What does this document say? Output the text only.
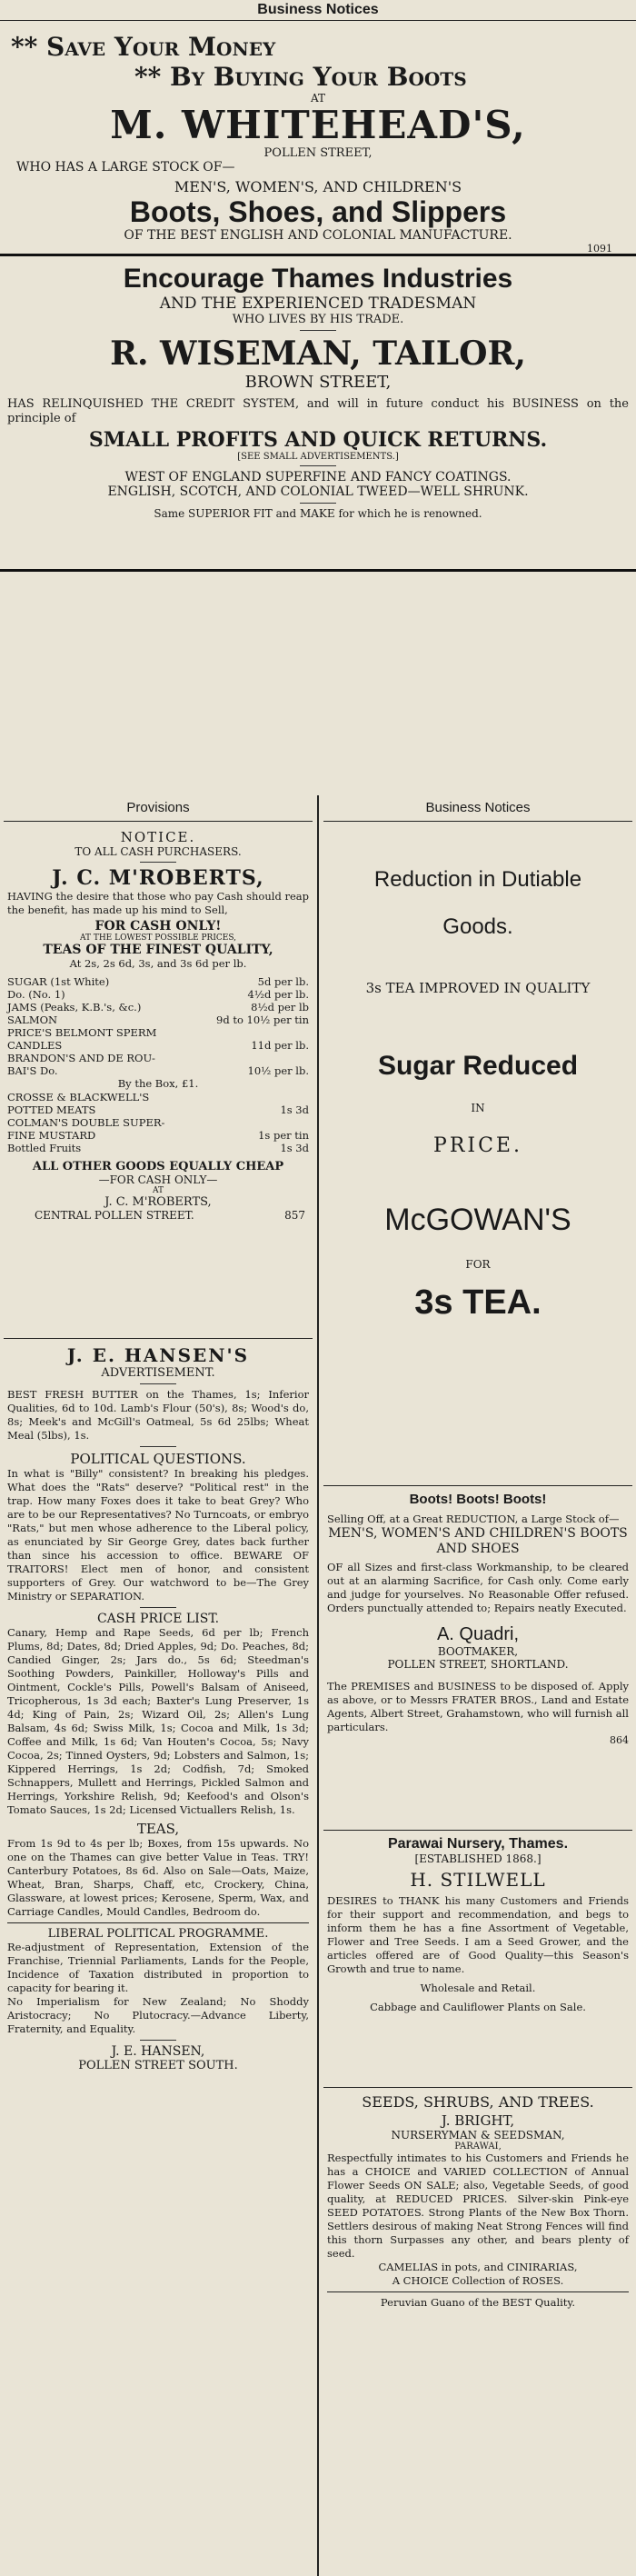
Business Notices
** Save Your Money
** By Buying Your Boots
AT
M. WHITEHEAD'S,
POLLEN STREET,
WHO HAS A LARGE STOCK OF—
MEN'S, WOMEN'S, AND CHILDREN'S
Boots, Shoes, and Slippers
OF THE BEST ENGLISH AND COLONIAL MANUFACTURE.
1091
Encourage Thames Industries
AND THE EXPERIENCED TRADESMAN
WHO LIVES BY HIS TRADE.
R. WISEMAN, TAILOR,
BROWN STREET,
HAS RELINQUISHED THE CREDIT SYSTEM, and will in future conduct his BUSINESS on the principle of
SMALL PROFITS AND QUICK RETURNS.
[SEE SMALL ADVERTISEMENTS.]
WEST OF ENGLAND SUPERFINE AND FANCY COATINGS.
ENGLISH, SCOTCH, AND COLONIAL TWEED—WELL SHRUNK.
Same SUPERIOR FIT and MAKE for which he is renowned.
Provisions
NOTICE.
TO ALL CASH PURCHASERS.
J. C. M'ROBERTS,
HAVING the desire that those who pay Cash should reap the benefit, has made up his mind to Sell,
FOR CASH ONLY!
AT THE LOWEST POSSIBLE PRICES,
TEAS OF THE FINEST QUALITY,
At 2s, 2s 6d, 3s, and 3s 6d per lb.
SUGAR (1st White)	5d per lb.
Do. (No. 1)	4½d per lb.
JAMS (Peaks, K.B.'s, &c.)	8½d per lb
SALMON	9d to 10½ per tin
PRICE'S BELMONT SPERM
CANDLES	11d per lb.
BRANDON'S AND DE ROU-
BAI'S Do.	10½ per lb.
By the Box, £1.
CROSSE & BLACKWELL'S
POTTED MEATS	1s 3d
COLMAN'S DOUBLE SUPER-
FINE MUSTARD	1s per tin
Bottled Fruits	1s 3d
ALL OTHER GOODS EQUALLY CHEAP
—FOR CASH ONLY—
AT
J. C. M'ROBERTS,
CENTRAL POLLEN STREET.	857
J. E. HANSEN'S
ADVERTISEMENT.
BEST FRESH BUTTER on the Thames, 1s; Inferior Qualities, 6d to 10d. Lamb's Flour (50's), 8s; Wood's do, 8s; Meek's and McGill's Oatmeal, 5s 6d 25lbs; Wheat Meal (5lbs), 1s.
POLITICAL QUESTIONS.
In what is "Billy" consistent? In breaking his pledges. What does the "Rats" deserve? "Political rest" in the trap. How many Foxes does it take to beat Grey? Who are to be our Representatives? No Turncoats, or embryo "Rats," but men whose adherence to the Liberal policy, as enunciated by Sir George Grey, dates back further than since his accession to office. BEWARE OF TRAITORS! Elect men of honor, and consistent supporters of Grey. Our watchword to be—The Grey Ministry or SEPARATION.
CASH PRICE LIST.
Canary, Hemp and Rape Seeds, 6d per lb; French Plums, 8d; Dates, 8d; Dried Apples, 9d; Do. Peaches, 8d; Candied Ginger, 2s; Jars do., 5s 6d; Steedman's Soothing Powders, Painkiller, Holloway's Pills and Ointment, Cockle's Pills, Powell's Balsam of Aniseed, Tricopherous, 1s 3d each; Baxter's Lung Preserver, 1s 4d; King of Pain, 2s; Wizard Oil, 2s; Allen's Lung Balsam, 4s 6d; Swiss Milk, 1s; Cocoa and Milk, 1s 3d; Coffee and Milk, 1s 6d; Van Houten's Cocoa, 5s; Navy Cocoa, 2s; Tinned Oysters, 9d; Lobsters and Salmon, 1s; Kippered Herrings, 1s 2d; Codfish, 7d; Smoked Schnappers, Mullett and Herrings, Pickled Salmon and Herrings, Yorkshire Relish, 9d; Keefood's and Olson's Tomato Sauces, 1s 2d; Licensed Victuallers Relish, 1s.
TEAS,
From 1s 9d to 4s per lb; Boxes, from 15s upwards. No one on the Thames can give better Value in Teas. TRY! Canterbury Potatoes, 8s 6d. Also on Sale—Oats, Maize, Wheat, Bran, Sharps, Chaff, etc, Crockery, China, Glassware, at lowest prices; Kerosene, Sperm, Wax, and Carriage Candles, Mould Candles, Bedroom do.
LIBERAL POLITICAL PROGRAMME.
Re-adjustment of Representation, Extension of the Franchise, Triennial Parliaments, Lands for the People, Incidence of Taxation distributed in proportion to capacity for bearing it.
No Imperialism for New Zealand; No Shoddy Aristocracy; No Plutocracy.—Advance Liberty, Fraternity, and Equality.
J. E. HANSEN,
POLLEN STREET SOUTH.
Business Notices
Reduction in Dutiable
Goods.
3s TEA IMPROVED IN QUALITY
Sugar Reduced
IN
PRICE.
McGOWAN'S
FOR
3s TEA.
Boots! Boots! Boots!
Selling Off, at a Great REDUCTION, a Large Stock of—
MEN'S, WOMEN'S AND CHILDREN'S BOOTS AND SHOES
OF all Sizes and first-class Workmanship, to be cleared out at an alarming Sacrifice, for Cash only. Come early and judge for yourselves. No Reasonable Offer refused. Orders punctually attended to; Repairs neatly Executed.
A. Quadri,
BOOTMAKER,
POLLEN STREET, SHORTLAND.
The PREMISES and BUSINESS to be disposed of. Apply as above, or to Messrs FRATER BROS., Land and Estate Agents, Albert Street, Grahamstown, who will furnish all particulars.
864
Parawai Nursery, Thames.
[ESTABLISHED 1868.]
H. STILWELL
DESIRES to THANK his many Customers and Friends for their support and recommendation, and begs to inform them he has a fine Assortment of Vegetable, Flower and Tree Seeds. I am a Seed Grower, and the articles offered are of Good Quality—this Season's Growth and true to name.
Wholesale and Retail.
Cabbage and Cauliflower Plants on Sale.
SEEDS, SHRUBS, AND TREES.
J. BRIGHT,
NURSERYMAN & SEEDSMAN,
PARAWAI,
Respectfully intimates to his Customers and Friends he has a CHOICE and VARIED COLLECTION of Annual Flower Seeds ON SALE; also, Vegetable Seeds, of good quality, at REDUCED PRICES. Silver-skin Pink-eye SEED POTATOES. Strong Plants of the New Box Thorn. Settlers desirous of making Neat Strong Fences will find this thorn Surpasses any other, and bears plenty of seed.
CAMELIAS in pots, and CINIRARIAS,
A CHOICE Collection of ROSES.
Peruvian Guano of the BEST Quality.
